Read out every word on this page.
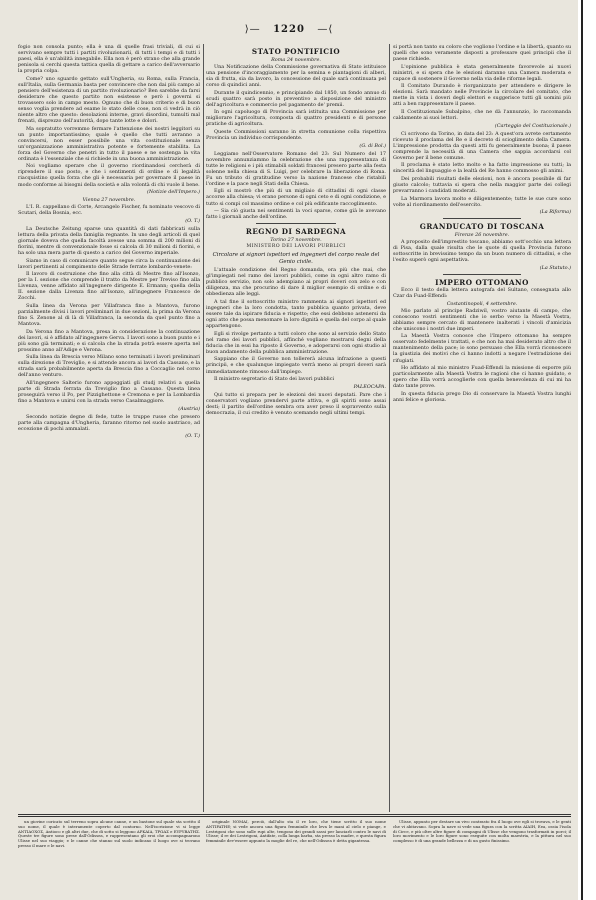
⟩— 1220 —⟨

fogio non consola punto; ella è una di quelle frasi triviali, di cui si servivano sempre tutti i partiti rivoluzionarii, di tutti i tempi e di tutti i paesi, ella è un'abilità innegabile. Ella non è però strano che alla grande penisola si cerchi questa tattica quella di gettare a carico dell'avversario la propria colpa.

Come? uno sguardo gettato sull'Ungheria, su Roma, sulla Francia, sull'Italia, sulla Germania basta per convincere che non dai più campo al pensiero dell'esistenza di un partito rivoluzionario? Ben sarebbe da farsi desiderare che questo partito non esistesse e però i governi si trovassero solo in campo mesto. Ognuno che di buon criterio e di buon senso voglia prendere ad esame lo stato delle cose, non ci vedrà in ciò niente altro che questo: desolazioni interne, gravi disordini, tumulti mal frenati, disprezzo dell'autorità, dopo tante lotte e dolori.

Ma sopratutto vorremmo fermare l'attenzione dei nostri leggitori su un punto importantissimo; quale è quello che tutti avranno a convincersi, non esser possibile una vita costituzionale senza un'organizzazione amministrativa potente e fortemente stabilita. La forza del Governo che penetri in tutto il paese e ne sostenga la vita ordinata è l'essenziale che si richiede in una buona amministrazione.

Noi vogliamo sperare che il governo riordinandosi cercherà di riprendere il suo posto, e che i sentimenti di ordine e di legalità riacquistino quella forza che gli è necessaria per governare il paese in modo conforme ai bisogni della società e alla volontà di chi vuole il bene.

(Notizie dell'Impero.)
Vienna 27 novembre.

L'I. R. cappellano di Corte, Arcangelo Fischer, fu nominato vescovo di Scutari, della Bosnia, ecc.

(O. T.)

La Deutsche Zeitung sparse una quantità di dati fabbricati sulla lettura della privata della famiglia regnante. In uno degli articoli di quel giornale doveva che quella facoltà avesse una somma di 200 milioni di fiorini, mentre di convenzionale fosse si calcola di 30 milioni di fiorini, e ha solo una mera parte di questo a carico del Governo imperiale.

Siamo in caso di comunicare quanto segue circa la continuazione dei lavori pertinenti al compimento delle Strade ferrate lombardo-venete:

Il lavoro di costruzione che fino alla città di Mestre fino all'Isonzo, per la I. sezione che comprende il tratto da Mestre per Treviso fino alla Livenza, venne affidato all'ingegnere dirigente E. Ermann; quella della II. sezione dalla Livenza fino all'Isonzo, all'ingegnere Francesco de Zocchi.

Sulla linea da Verona per Villafranca fino a Mantova, furono parzialmente divisi i lavori preliminari in due sezioni, la prima da Verona fino S. Zenone al di là di Villafranca, la seconda da quel punto fino a Mantova.

Da Verona fino a Mantova, presa in considerazione la continuazione dei lavori, si è affidato all'ingegnere Gerva. I lavori sono a buon punto e i più sono già terminati; e si calcola che la strada potrà essere aperta nel prossimo anno all'Adige e Verona.

Sulla linea da Brescia verso Milano sono terminati i lavori preliminari sulla direzione di Treviglio, e si attende ancora ai lavori da Cassano, e la strada sarà probabilmente aperta da Brescia fino a Coccaglio nel corso dell'anno venturo.

All'ingegnere Salterio furono appoggiati gli studj relativi a quella parte di Strada ferrata da Treviglio fino a Cassano. Questa linea proseguirà verso il Po, per Pizzighettone e Cremona e per la Lombardia fino a Mantova e unirsi con la strada verso Casalmaggiore.

(Austria)

Secondo notizie degne di fede, tutte le truppe russe che presero parte alla campagna d'Ungheria, faranno ritorno nel suolo austriaco, ad eccezione di pochi ammalati.

(O. T.)
STATO PONTIFICIO
Roma 24 novembre.

Una Notificazione della Commissione governativa di Stato istituisce una pensione d'incoraggiamento per la semina e piantagioni di alberi, sia di frutta, sia da lavoro, la concessione del quale sarà continuata pel corso di quindici anni.

Durante il quindicennio, e principiando dal 1850, un fondo annuo di scudi quattro sarà posto in preventivo a disposizione del ministro dell'agricoltura e commercio pel pagamento de' premii.

In ogni capoluogo di Provincia sarà istituita una Commissione per migliorare l'agricoltura, composta di quattro presidenti e di persone pratiche di agricoltura.

Queste Commissioni saranno in stretta comunione colla rispettiva Provincia un individuo corrispondente.

(G. di Bol.)

Leggiamo nell'Osservatore Romano del 23: Sul Numero del 17 novembre annunziammo la celebrazione che una rappresentanza di tutte le religioni e i più stimabili soldati francesi presero parte alla festa solenne nella chiesa di S. Luigi, per celebrare la liberazione di Roma. Fu un tributo di gratitudine verso la nazione francese che ristabilì l'ordine e la pace negli Stati della Chiesa.

Egli si mostrò che più di un migliaio di cittadini di ogni classe accorse alla chiesa; vi erano persone di ogni ceto e di ogni condizione, e tutto si compì col massimo ordine e col più edificante raccoglimento.

— Sia ciò giusta nei sentimenti la voci sparse, come già le avevano fatto i giornali anche dell'ordine.

REGNO DI SARDEGNA
Torino 27 novembre.
MINISTERO DEI LAVORI PUBBLICI
Circolare ai signori ispettori ed ingegneri del corpo reale del Genio civile.

L'attuale condizione del Regno domanda, ora più che mai, che gl'impiegati nel ramo dei lavori pubblici, come in ogni altro ramo di pubblico servizio, non solo adempiano ai propri doveri con zelo e con diligenza, ma che procurino di dare il miglior esempio di ordine e di obbedienza alle leggi.

A tal fine il sottoscritto ministro rammenta ai signori ispettori ed ingegneri che la loro condotta, tanto pubblica quanto privata, deve essere tale da ispirare fiducia e rispetto; che essi debbono astenersi da ogni atto che possa menomare la loro dignità e quella del corpo al quale appartengono.

Egli si rivolge pertanto a tutti coloro che sono al servizio dello Stato nel ramo dei lavori pubblici, affinché vogliano mostrarsi degni della fiducia che in essi ha riposto il Governo, e adoperarsi con ogni studio al buon andamento della pubblica amministrazione.

Sappiano che il Governo non tollererà alcuna infrazione a questi principii, e che qualunque impiegato verrà meno ai propri doveri sarà immediatamente rimosso dall'impiego.

Il ministro segretario di Stato dei lavori pubblici

PALEOCAPA.

Qui tutto si prepara per le elezioni dei nuovi deputati. Pare che i conservatori vogliano prendervi parte attiva, e gli spiriti sono assai desti; il partito dell'ordine sembra ora aver preso il sopravvento sulla democrazia, il cui credito è venuto scemando negli ultimi tempi.

si portà non tanto su coloro che vogliono l'ordine e la libertà, quanto su quelli che sono veramente disposti a professare quei principii che il paese richiede.

L'opinione pubblica è stata generalmente favorevole ai nuovi ministri, e si spera che le elezioni daranno una Camera moderata e capace di sostenere il Governo nella via delle riforme legali.

Il Comitato Durando è riorganizzato per attendere e dirigere le elezioni. Sarà mandato nelle Provincie la circolare del comitato, che mette in vista i doveri degli elettori e suggerisce tutti gli uomini più atti a ben rappresentare il paese.

Il Costituzionale Subalpino, che ne dà l'annunzio, lo raccomanda caldamente ai suoi lettori.

(Carteggio del Costituzionale.)

Ci scrivono da Torino, in data del 23: A quest'ora avrete certamente ricevuto il proclama del Re e il decreto di scioglimento della Camera. L'impressione prodotta da questi atti fu generalmente buona; il paese comprende la necessità di una Camera che sappia accordarsi col Governo per il bene comune.

Il proclama è stato letto molto e ha fatto impressione su tutti; la sincerità del linguaggio e la lealtà del Re hanno commosso gli animi.

Dei probabili risultati delle elezioni, non è ancora possibile di far giusto calcolo; tuttavia si spera che nella maggior parte dei collegi prevarranno i candidati moderati.

La Marmora lavora molto e diligentemente; tutte le sue cure sono volte al riordinamento dell'esercito.

(La Riforma)
GRANDUCATO DI TOSCANA
Firenze 26 novembre.

A proposito dell'imprestito toscano, abbiamo sott'occhio una lettera di Pisa, dalla quale risulta che le quote di quella Provincia furono sottoscritte in brevissimo tempo da un buon numero di cittadini, e che l'esito superò ogni aspettativa.

(La Statuto.)
IMPERO OTTOMANO

Ecco il testo della lettera autografa del Sultano, consegnata allo Czar da Fuad-Effendi:

Costantinopoli, 4 settembre.

Mio parlato al principe Radziwil, vostro aiutante di campo, che conoscono vostri sentimenti che io serbo verso la Maestà Vostra, abbiamo sempre cercato di mantenere inalterati i vincoli d'amicizia che uniscono i nostri due imperi.

La Maestà Vostra conosce che l'Impero ottomano ha sempre osservato fedelmente i trattati, e che non ha mai desiderato altro che il mantenimento della pace; io sono persuaso che Ella vorrà riconoscere la giustizia dei motivi che ci hanno indotti a negare l'estradizione dei rifugiati.

Ho affidato al mio ministro Fuad-Effendi la missione di esporre più particolarmente alla Maestà Vostra le ragioni che ci hanno guidato, e spero che Ella vorrà accoglierle con quella benevolenza di cui mi ha dato tante prove.

In questa fiducia prego Dio di conservare la Maestà Vostra lunghi anni felice e gloriosa.

un giovine coricato sul terreno sopra alcune canne, e un bastone sul quale sta scritto il suo nome, il quale è interamente coperto dal contorno. Nell'iscrizione vi si legge ΑΝΤΙΑΟΧΟΣ, Antioco e gli altri due, che di sotto si leggono ΑΡΚΑΙΑ, ΤΡΩΑΣ e ΕΥΡΥΒΑΤΗΣ. Queste tre figure sono prese dall'Odissea, e rappresentano gli eroi che accompagnarono Ulisse nel suo viaggio; e le canne che stanno sul suolo indicano il luogo ove si trovano presso il mare e le navi.

originale NOMAI, perciò, dall'alto sta il re loro, che tiene scritto il suo nome ANTIPATHE; si vede ancora una figura femminile che leva le mani al cielo e piange, e Lestrigoni che sono sulle rupi alte, tengono dei grandi sassi per lanciarli contro le navi di Ulisse; il re dei Lestrigoni, Antifate, colla lunga barba, sta presso la madre, e questa figura femminile dev'essere appunto la moglie del re, che nell'Odissea è detta gigantessa.

Ulisse, appunto per destare un vivo contrasto fra il luogo ove egli si trovava, e le genti che vi abitavano. Sopra la nave si vede una figura con la scritta ΑΙΑΙΗ, Eea, ossia l'isola di Circe, e più oltre altre figure di compagni di Ulisse che vengono trasformati in porci; il loro movimento e le loro figure sono eseguite con molta maestria, e la pittura nel suo complesso è di una grande bellezza e di un gusto finissimo.
